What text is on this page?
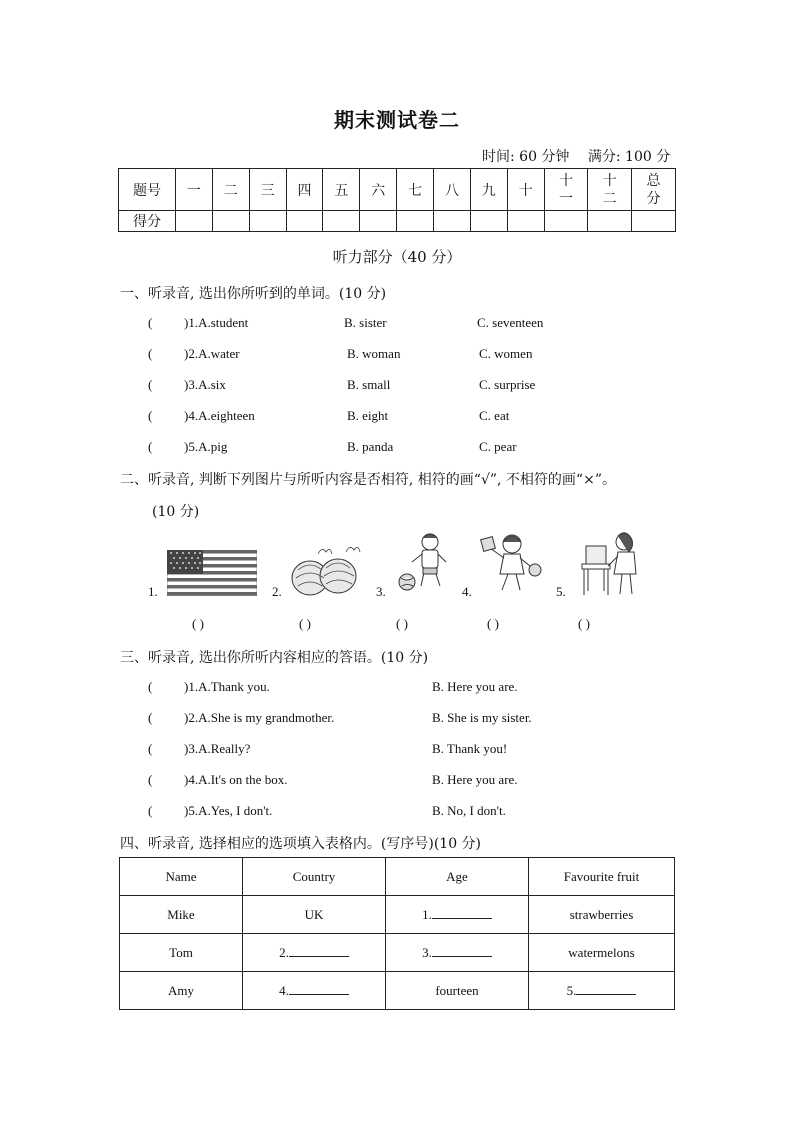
期末测试卷二
时间: 60 分钟 满分: 100 分
题号	一	二	三	四	五	六	七	八	九	十	十一	十二	总分

得分													
听力部分（40 分）
一、听录音, 选出你所听到的单词。(10 分)
( )1.A.student	B. sister	C. seventeen
( )2.A.water	B. woman	C. women
( )3.A.six	B. small	C. surprise
( )4.A.eighteen	B. eight	C. eat
( )5.A.pig	B. panda	C. pear
二、听录音, 判断下列图片与所听内容是否相符, 相符的画“√”, 不相符的画“×”。
(10 分)
1.	2.	3.	4.	5.
( )	( )	( )	( )	( )
三、听录音, 选出你所听内容相应的答语。(10 分)
( )1.A.Thank you.	B. Here you are.
( )2.A.She is my grandmother.	B. She is my sister.
( )3.A.Really?	B. Thank you!
( )4.A.It's on the box.	B. Here you are.
( )5.A.Yes, I don't.	B. No, I don't.
四、听录音, 选择相应的选项填入表格内。(写序号)(10 分)
Name	Country	Age	Favourite fruit
Mike	UK	1.	strawberries
Tom	2.	3.	watermelons
Amy	4.	fourteen	5.
